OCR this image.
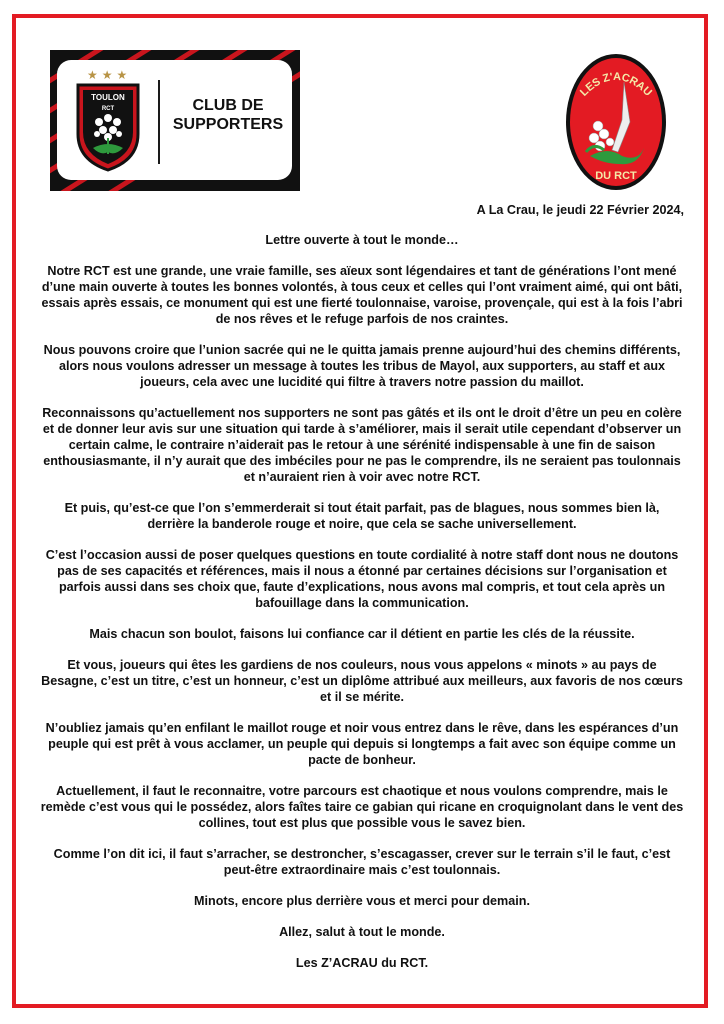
★★★
TOULON
RCT	CLUB DE SUPPORTERS
LES Z'ACRAU
DU RCT
A La Crau, le jeudi 22 Février 2024,

Lettre ouverte à tout le monde…

Notre RCT est une grande, une vraie famille, ses aïeux sont légendaires et tant de générations l’ont mené d’une main ouverte à toutes les bonnes volontés, à tous ceux et celles qui l’ont vraiment aimé, qui ont bâti, essais après essais, ce monument qui est une fierté toulonnaise, varoise, provençale, qui est à la fois l’abri de nos rêves et le refuge parfois de nos craintes.

Nous pouvons croire que l’union sacrée qui ne le quitta jamais prenne aujourd’hui des chemins différents, alors nous voulons adresser un message à toutes les tribus de Mayol, aux supporters, au staff et aux joueurs, cela avec une lucidité qui filtre à travers notre passion du maillot.

Reconnaissons qu’actuellement nos supporters ne sont pas gâtés et ils ont le droit d’être un peu en colère et de donner leur avis sur une situation qui tarde à s’améliorer, mais il serait utile cependant d’observer un certain calme, le contraire n’aiderait pas le retour à une sérénité indispensable à une fin de saison enthousiasmante, il n’y aurait que des imbéciles pour ne pas le comprendre, ils ne seraient pas toulonnais et n’auraient rien à voir avec notre RCT.

Et puis, qu’est-ce que l’on s’emmerderait si tout était parfait, pas de blagues, nous sommes bien là, derrière la banderole rouge et noire, que cela se sache universellement.

C’est l’occasion aussi de poser quelques questions en toute cordialité à notre staff dont nous ne doutons pas de ses capacités et références, mais il nous a étonné par certaines décisions sur l’organisation et parfois aussi dans ses choix que, faute d’explications, nous avons mal compris, et tout cela après un bafouillage dans la communication.

Mais chacun son boulot, faisons lui confiance car il détient en partie les clés de la réussite.

Et vous, joueurs qui êtes les gardiens de nos couleurs, nous vous appelons « minots » au pays de Besagne, c’est un titre, c’est un honneur, c’est un diplôme attribué aux meilleurs, aux favoris de nos cœurs et il se mérite.

N’oubliez jamais qu’en enfilant le maillot rouge et noir vous entrez dans le rêve, dans les espérances d’un peuple qui est prêt à vous acclamer, un peuple qui depuis si longtemps a fait avec son équipe comme un pacte de bonheur.

Actuellement, il faut le reconnaitre, votre parcours est chaotique et nous voulons comprendre, mais le remède c’est vous qui le possédez, alors faîtes taire ce gabian qui ricane en croquignolant dans le vent des collines, tout est plus que possible vous le savez bien.

Comme l’on dit ici, il faut s’arracher, se destroncher, s’escagasser, crever sur le terrain s’il le faut, c’est peut-être extraordinaire mais c’est toulonnais.

Minots, encore plus derrière vous et merci pour demain.

Allez, salut à tout le monde.

Les Z’ACRAU du RCT.
